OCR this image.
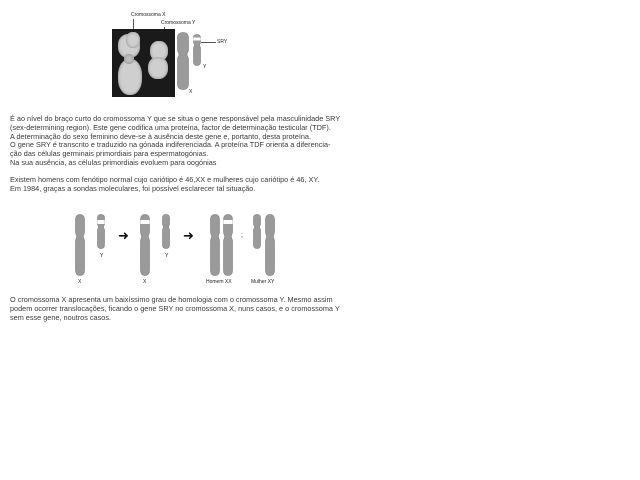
Cromossoma X
Cromossoma Y
X
SRY
Y
É ao nível do braço curto do cromossoma Y que se situa o gene responsável pela masculinidade SRY
(sex-determining region). Este gene codifica uma proteína, factor de determinação testicular (TDF).
A determinação do sexo feminino deve-se à ausência deste gene e, portanto, desta proteína.
O gene SRY é transcrito e traduzido na gónada indiferenciada. A proteína TDF orienta a diferencia-
ção das células germinais primordiais para espermatogónias.
Na sua ausência, as células primordiais evoluem para oogónias
Existem homens com fenótipo normal cujo cariótipo é 46,XX e mulheres cujo cariótipo é 46, XY.
Em 1984, graças a sondas moleculares, foi possível esclarecer tal situação.
X
Y
➜
X
Y
➜
Homem XX
;
Mulher XY
O cromossoma X apresenta um baixíssimo grau de homologia com o cromossoma Y. Mesmo assim
podem ocorrer translocações, ficando o gene SRY no cromossoma X, nuns casos, e o cromossoma Y
sem esse gene, noutros casos.
